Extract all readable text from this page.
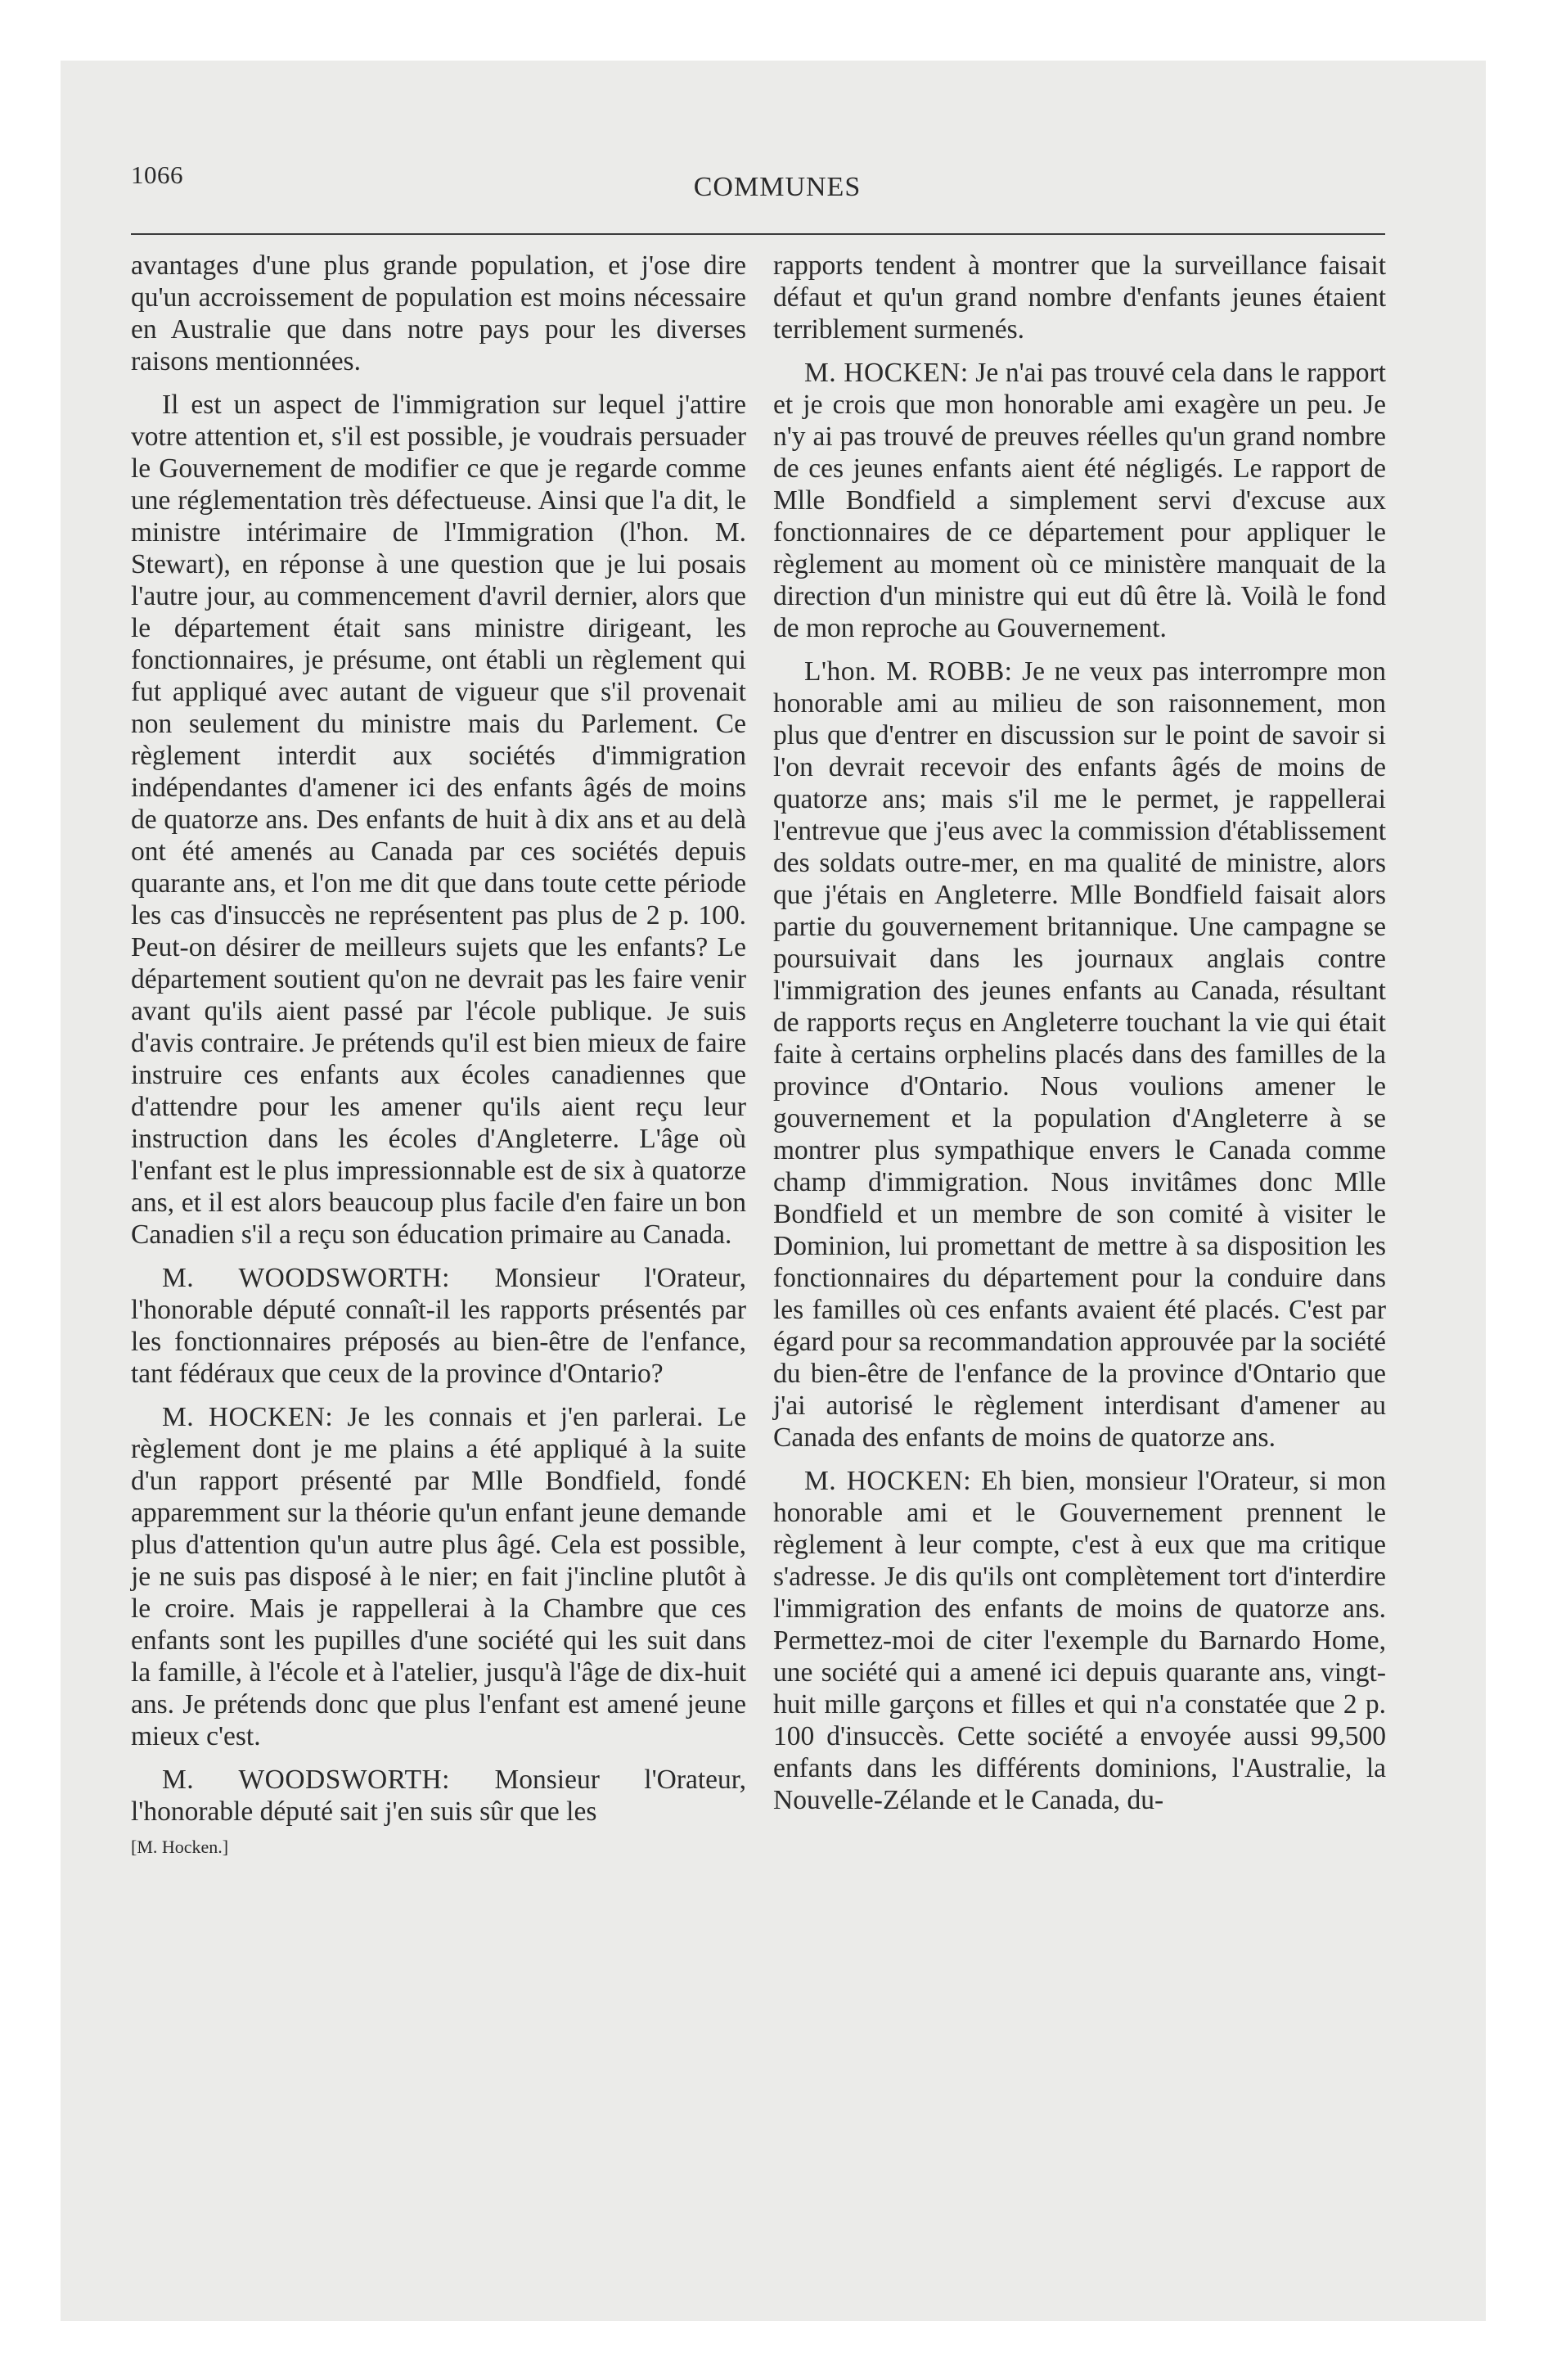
1066	COMMUNES

avantages d'une plus grande population, et j'ose dire qu'un accroissement de population est moins nécessaire en Australie que dans notre pays pour les diverses raisons mentionnées.

Il est un aspect de l'immigration sur lequel j'attire votre attention et, s'il est possible, je voudrais persuader le Gouvernement de modifier ce que je regarde comme une réglementation très défectueuse. Ainsi que l'a dit, le ministre intérimaire de l'Immigration (l'hon. M. Stewart), en réponse à une question que je lui posais l'autre jour, au commencement d'avril dernier, alors que le département était sans ministre dirigeant, les fonctionnaires, je présume, ont établi un règlement qui fut appliqué avec autant de vigueur que s'il provenait non seulement du ministre mais du Parlement. Ce règlement interdit aux sociétés d'immigration indépendantes d'amener ici des enfants âgés de moins de quatorze ans. Des enfants de huit à dix ans et au delà ont été amenés au Canada par ces sociétés depuis quarante ans, et l'on me dit que dans toute cette période les cas d'insuccès ne représentent pas plus de 2 p. 100. Peut-on désirer de meilleurs sujets que les enfants? Le département soutient qu'on ne devrait pas les faire venir avant qu'ils aient passé par l'école publique. Je suis d'avis contraire. Je prétends qu'il est bien mieux de faire instruire ces enfants aux écoles canadiennes que d'attendre pour les amener qu'ils aient reçu leur instruction dans les écoles d'Angleterre. L'âge où l'enfant est le plus impressionnable est de six à quatorze ans, et il est alors beaucoup plus facile d'en faire un bon Canadien s'il a reçu son éducation primaire au Canada.

M. WOODSWORTH: Monsieur l'Orateur, l'honorable député connaît-il les rapports présentés par les fonctionnaires préposés au bien-être de l'enfance, tant fédéraux que ceux de la province d'Ontario?

M. HOCKEN: Je les connais et j'en parlerai. Le règlement dont je me plains a été appliqué à la suite d'un rapport présenté par Mlle Bondfield, fondé apparemment sur la théorie qu'un enfant jeune demande plus d'attention qu'un autre plus âgé. Cela est possible, je ne suis pas disposé à le nier; en fait j'incline plutôt à le croire. Mais je rappellerai à la Chambre que ces enfants sont les pupilles d'une société qui les suit dans la famille, à l'école et à l'atelier, jusqu'à l'âge de dix-huit ans. Je prétends donc que plus l'enfant est amené jeune mieux c'est.

M. WOODSWORTH: Monsieur l'Orateur, l'honorable député sait j'en suis sûr que les

[M. Hocken.]

rapports tendent à montrer que la surveillance faisait défaut et qu'un grand nombre d'enfants jeunes étaient terriblement surmenés.

M. HOCKEN: Je n'ai pas trouvé cela dans le rapport et je crois que mon honorable ami exagère un peu. Je n'y ai pas trouvé de preuves réelles qu'un grand nombre de ces jeunes enfants aient été négligés. Le rapport de Mlle Bondfield a simplement servi d'excuse aux fonctionnaires de ce département pour appliquer le règlement au moment où ce ministère manquait de la direction d'un ministre qui eut dû être là. Voilà le fond de mon reproche au Gouvernement.

L'hon. M. ROBB: Je ne veux pas interrompre mon honorable ami au milieu de son raisonnement, mon plus que d'entrer en discussion sur le point de savoir si l'on devrait recevoir des enfants âgés de moins de quatorze ans; mais s'il me le permet, je rappellerai l'entrevue que j'eus avec la commission d'établissement des soldats outre-mer, en ma qualité de ministre, alors que j'étais en Angleterre. Mlle Bondfield faisait alors partie du gouvernement britannique. Une campagne se poursuivait dans les journaux anglais contre l'immigration des jeunes enfants au Canada, résultant de rapports reçus en Angleterre touchant la vie qui était faite à certains orphelins placés dans des familles de la province d'Ontario. Nous voulions amener le gouvernement et la population d'Angleterre à se montrer plus sympathique envers le Canada comme champ d'immigration. Nous invitâmes donc Mlle Bondfield et un membre de son comité à visiter le Dominion, lui promettant de mettre à sa disposition les fonctionnaires du département pour la conduire dans les familles où ces enfants avaient été placés. C'est par égard pour sa recommandation approuvée par la société du bien-être de l'enfance de la province d'Ontario que j'ai autorisé le règlement interdisant d'amener au Canada des enfants de moins de quatorze ans.

M. HOCKEN: Eh bien, monsieur l'Orateur, si mon honorable ami et le Gouvernement prennent le règlement à leur compte, c'est à eux que ma critique s'adresse. Je dis qu'ils ont complètement tort d'interdire l'immigration des enfants de moins de quatorze ans. Permettez-moi de citer l'exemple du Barnardo Home, une société qui a amené ici depuis quarante ans, vingt-huit mille garçons et filles et qui n'a constatée que 2 p. 100 d'insuccès. Cette société a envoyée aussi 99,500 enfants dans les différents dominions, l'Australie, la Nouvelle-Zélande et le Canada, du-
